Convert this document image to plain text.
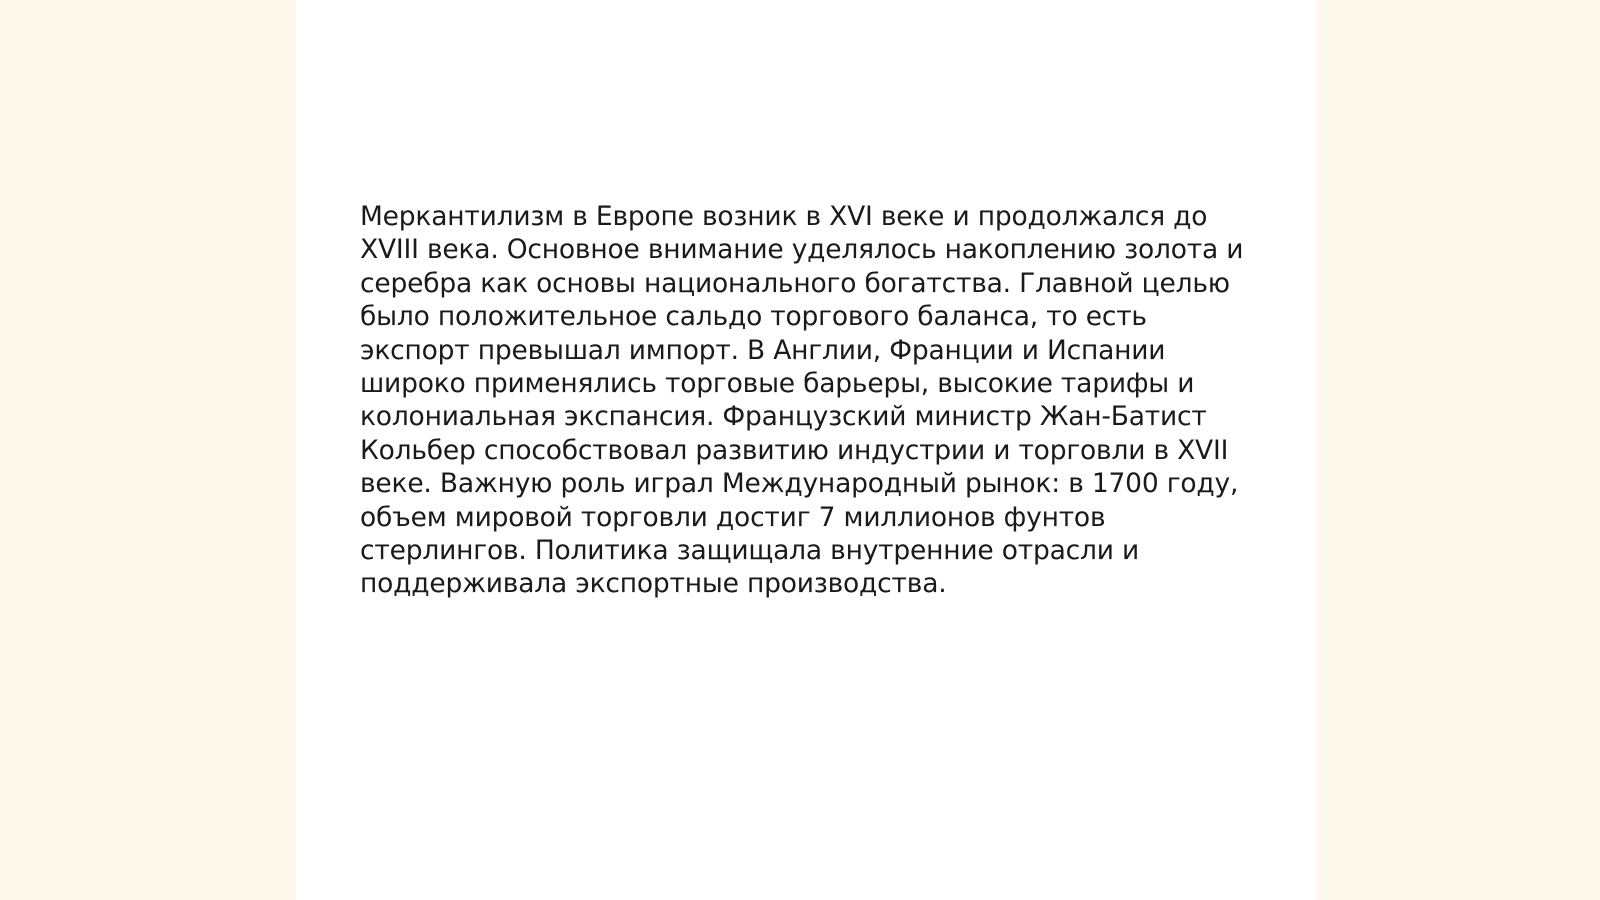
Меркантилизм в Европе возник в XVI веке и продолжался до
XVIII века. Основное внимание уделялось накоплению золота и
серебра как основы национального богатства. Главной целью
было положительное сальдо торгового баланса, то есть
экспорт превышал импорт. В Англии, Франции и Испании
широко применялись торговые барьеры, высокие тарифы и
колониальная экспансия. Французский министр Жан-Батист
Кольбер способствовал развитию индустрии и торговли в XVII
веке. Важную роль играл Международный рынок: в 1700 году,
объем мировой торговли достиг 7 миллионов фунтов
стерлингов. Политика защищала внутренние отрасли и
поддерживала экспортные производства.
